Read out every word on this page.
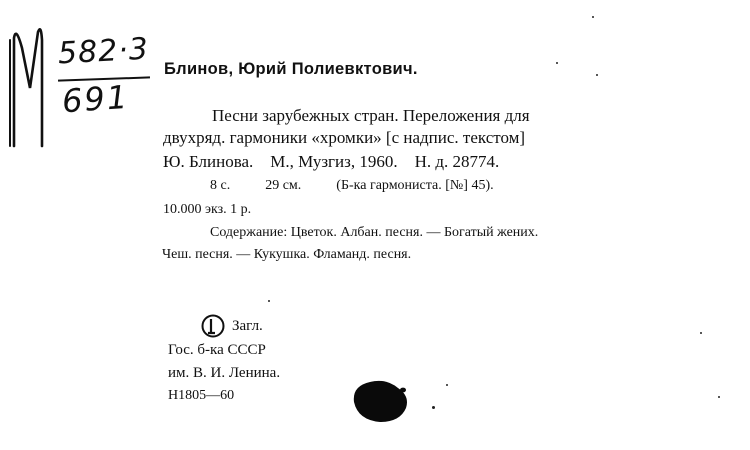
582·3
691
Блинов, Юрий Полиевктович.
Песни зарубежных стран. Переложения для
двухряд. гармоники «хромки» [с надпис. текстом]
Ю. Блинова.    М., Музгиз, 1960.    Н. д. 28774.
8 с.          29 см.          (Б-ка гармониста. [№] 45).
10.000 экз. 1 р.
Содержание: Цветок. Албан. песня. — Богатый жених.
Чеш. песня. — Кукушка. Фламанд. песня.
Загл.
Гос. б-ка СССР
им. В. И. Ленина.
Н1805—60
